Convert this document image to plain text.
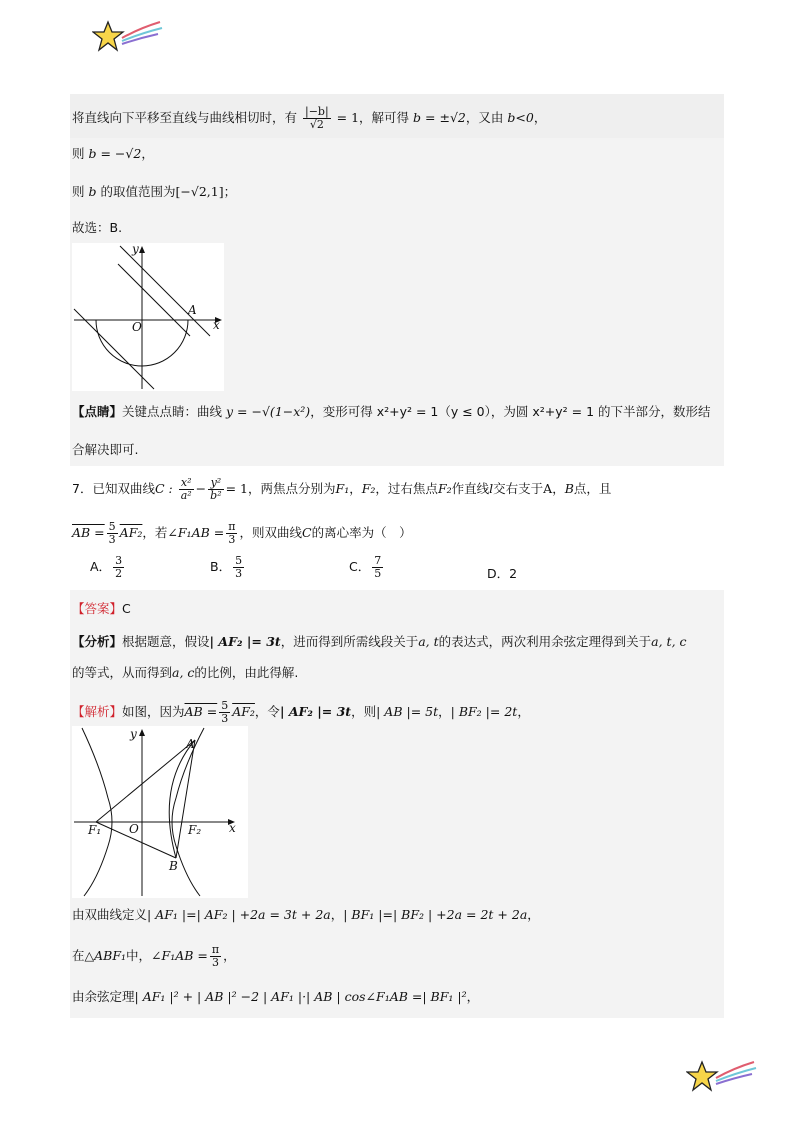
将直线向下平移至直线与曲线相切时，有 $\frac{|-b|}{√2} = 1$，解可得 b = ±√2，又由 b<0，
则 b = −√2，
则 b 的取值范围为[−√2,1]；
故选：B.
y
x
O
A
【点睛】关键点点睛：曲线 y = −√(1−x²)，变形可得 x²+y² = 1（y ≤ 0），为圆 x²+y² = 1 的下半部分，数形结
合解决即可.
7．已知双曲线C : $\frac{\text{x²}}{\text{a²}} - \frac{\text{y²}}{\text{b²}} = 1$，两焦点分别为F₁，F₂，过右焦点F₂作直线l交右支于A，B点，且
AB = $\frac{5}{3} AF_2$，若∠F₁AB = $\frac{\pi}{3}$ ，则双曲线C的离心率为（　）
A． $\frac{3}{2}$	B． $\frac{5}{3}$	C． $\frac{7}{5}$	D．2
【答案】C
【分析】根据题意，假设| AF₂ |= 3t，进而得到所需线段关于a, t的表达式，两次利用余弦定理得到关于a, t, c
的等式，从而得到a, c的比例，由此得解.
【解析】如图，因为AB = $\frac{5}{3} AF_2$，令| AF₂ |= 3t，则| AB |= 5t，| BF₂ |= 2t，
y
x
O
A
B
F₁	F₂
由双曲线定义| AF₁ |=| AF₂ | +2a = 3t + 2a，| BF₁ |=| BF₂ | +2a = 2t + 2a，
在△ABF₁中，∠F₁AB = $\frac{\pi}{3}$ ，
由余弦定理| AF₁ |² + | AB |² −2 | AF₁ |·| AB | cos∠F₁AB =| BF₁ |²，
